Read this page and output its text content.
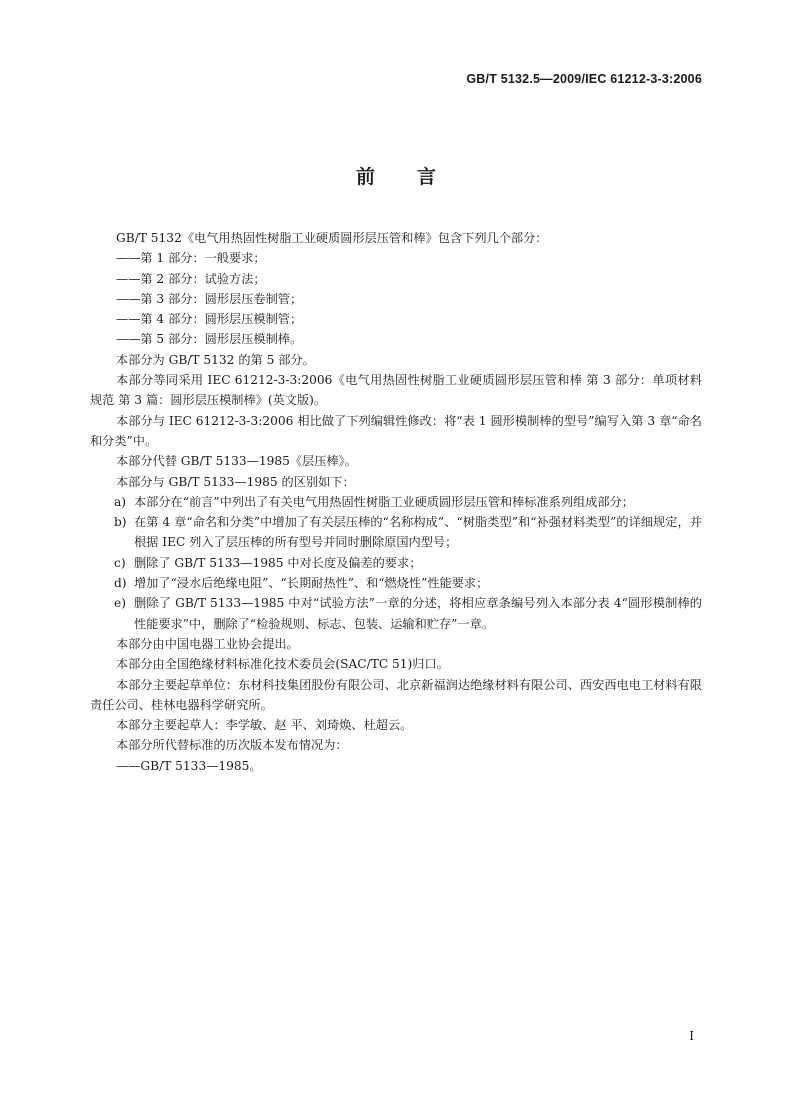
GB/T 5132.5—2009/IEC 61212-3-3:2006
前言

GB/T 5132《电气用热固性树脂工业硬质圆形层压管和棒》包含下列几个部分：

——第 1 部分：一般要求；

——第 2 部分：试验方法；

——第 3 部分：圆形层压卷制管；

——第 4 部分：圆形层压模制管；

——第 5 部分：圆形层压模制棒。

本部分为 GB/T 5132 的第 5 部分。

本部分等同采用 IEC 61212-3-3:2006《电气用热固性树脂工业硬质圆形层压管和棒 第 3 部分：单项材料规范 第 3 篇：圆形层压模制棒》(英文版)。

本部分与 IEC 61212-3-3:2006 相比做了下列编辑性修改：将“表 1 圆形模制棒的型号”编写入第 3 章“命名和分类”中。

本部分代替 GB/T 5133—1985《层压棒》。

本部分与 GB/T 5133—1985 的区别如下：

a) 本部分在“前言”中列出了有关电气用热固性树脂工业硬质圆形层压管和棒标准系列组成部分；
b) 在第 4 章“命名和分类”中增加了有关层压棒的“名称构成”、“树脂类型”和“补强材料类型”的详细规定，并根据 IEC 列入了层压棒的所有型号并同时删除原国内型号；
c) 删除了 GB/T 5133—1985 中对长度及偏差的要求；
d) 增加了“浸水后绝缘电阻”、“长期耐热性”、和“燃烧性”性能要求；
e) 删除了 GB/T 5133—1985 中对“试验方法”一章的分述，将相应章条编号列入本部分表 4“圆形模制棒的性能要求”中，删除了“检验规则、标志、包装、运输和贮存”一章。

本部分由中国电器工业协会提出。

本部分由全国绝缘材料标准化技术委员会(SAC/TC 51)归口。

本部分主要起草单位：东材科技集团股份有限公司、北京新福润达绝缘材料有限公司、西安西电电工材料有限责任公司、桂林电器科学研究所。

本部分主要起草人：李学敏、赵 平、刘琦焕、杜超云。

本部分所代替标准的历次版本发布情况为：

——GB/T 5133—1985。

I
